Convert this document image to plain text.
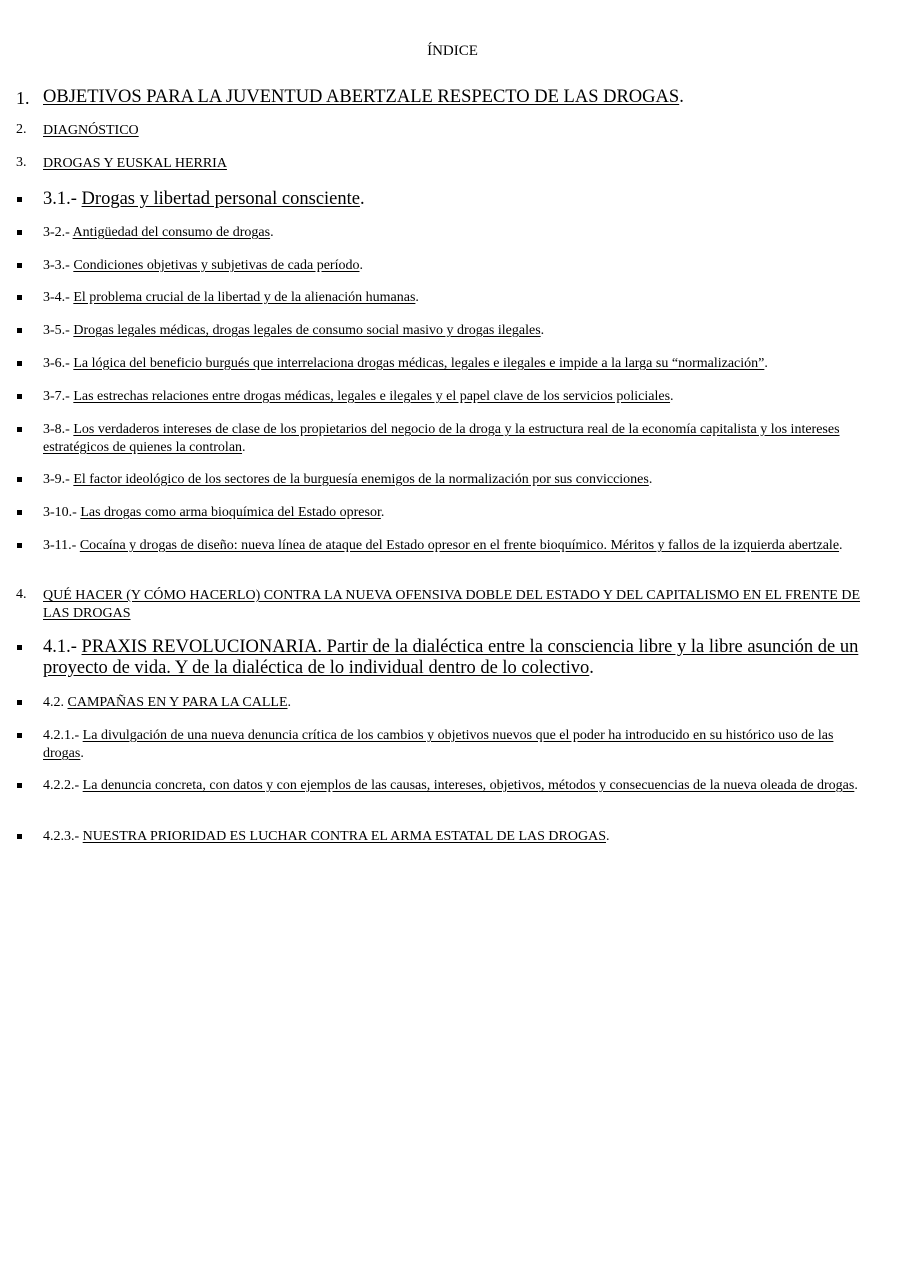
ÍNDICE
1. OBJETIVOS PARA LA JUVENTUD ABERTZALE RESPECTO DE LAS DROGAS.
2. DIAGNÓSTICO
3. DROGAS Y EUSKAL HERRIA
3.1.- Drogas y libertad personal consciente.
3-2.- Antigüedad del consumo de drogas.
3-3.- Condiciones objetivas y subjetivas de cada período.
3-4.- El problema crucial de la libertad y de la alienación humanas.
3-5.- Drogas legales médicas, drogas legales de consumo social masivo y drogas ilegales.
3-6.- La lógica del beneficio burgués que interrelaciona drogas médicas, legales e ilegales e impide a la larga su “normalización”.
3-7.- Las estrechas relaciones entre drogas médicas, legales e ilegales y el papel clave de los servicios policiales.
3-8.- Los verdaderos intereses de clase de los propietarios del negocio de la droga y la estructura real de la economía capitalista y los intereses estratégicos de quienes la controlan.
3-9.- El factor ideológico de los sectores de la burguesía enemigos de la normalización por sus convicciones.
3-10.- Las drogas como arma bioquímica del Estado opresor.
3-11.- Cocaína y drogas de diseño: nueva línea de ataque del Estado opresor en el frente bioquímico. Méritos y fallos de la izquierda abertzale.
4. QUÉ HACER (Y CÓMO HACERLO) CONTRA LA NUEVA OFENSIVA DOBLE DEL ESTADO Y DEL CAPITALISMO EN EL FRENTE DE LAS DROGAS
4.1.- PRAXIS REVOLUCIONARIA. Partir de la dialéctica entre la consciencia libre y la libre asunción de un proyecto de vida. Y de la dialéctica de lo individual dentro de lo colectivo.
4.2. CAMPAÑAS EN Y PARA LA CALLE.
4.2.1.- La divulgación de una nueva denuncia crítica de los cambios y objetivos nuevos que el poder ha introducido en su histórico uso de las drogas.
4.2.2.- La denuncia concreta, con datos y con ejemplos de las causas, intereses, objetivos, métodos y consecuencias de la nueva oleada de drogas.
4.2.3.- NUESTRA PRIORIDAD ES LUCHAR CONTRA EL ARMA ESTATAL DE LAS DROGAS.
